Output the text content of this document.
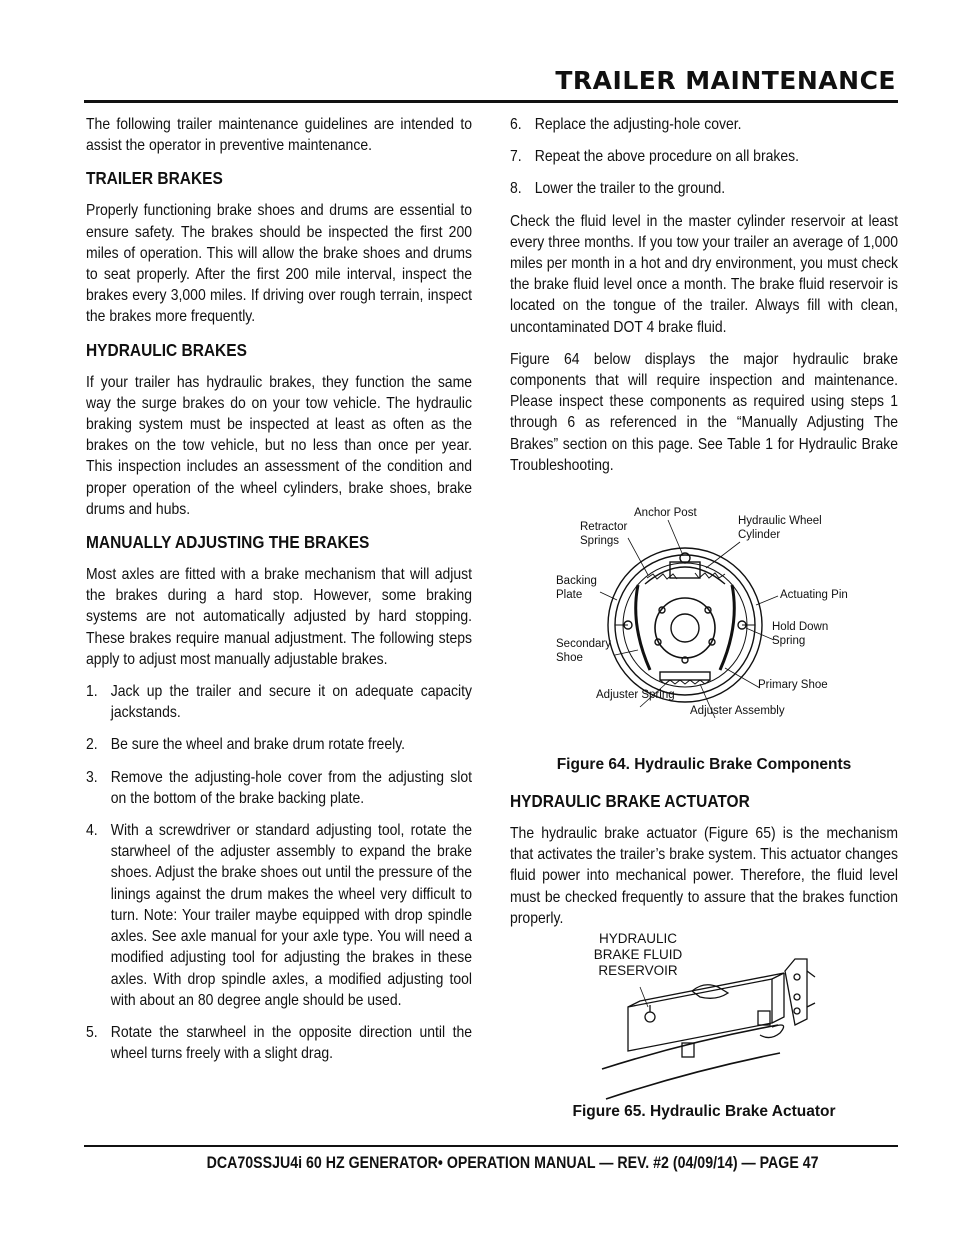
TRAILER MAINTENANCE

The following trailer maintenance guidelines are intended to assist the operator in preventive maintenance.

TRAILER BRAKES

Properly functioning brake shoes and drums are essential to ensure safety. The brakes should be inspected the first 200 miles of operation. This will allow the brake shoes and drums to seat properly. After the first 200 mile interval, inspect the brakes every 3,000 miles. If driving over rough terrain, inspect the brakes more frequently.

HYDRAULIC BRAKES

If your trailer has hydraulic brakes, they function the same way the surge brakes do on your tow vehicle. The hydraulic braking system must be inspected at least as often as the brakes on the tow vehicle, but no less than once per year. This inspection includes an assessment of the condition and proper operation of the wheel cylinders, brake shoes, brake drums and hubs.

MANUALLY ADJUSTING THE BRAKES

Most axles are fitted with a brake mechanism that will adjust the brakes during a hard stop. However, some braking systems are not automatically adjusted by hard stopping. These brakes require manual adjustment. The following steps apply to adjust most manually adjustable brakes.

1. Jack up the trailer and secure it on adequate capacity jackstands.
2. Be sure the wheel and brake drum rotate freely.
3. Remove the adjusting-hole cover from the adjusting slot on the bottom of the brake backing plate.
4. With a screwdriver or standard adjusting tool, rotate the starwheel of the adjuster assembly to expand the brake shoes. Adjust the brake shoes out until the pressure of the linings against the drum makes the wheel very difficult to turn. Note: Your trailer maybe equipped with drop spindle axles. See axle manual for your axle type. You will need a modified adjusting tool for adjusting the brakes in these axles. With drop spindle axles, a modified adjusting tool with about an 80 degree angle should be used.
5. Rotate the starwheel in the opposite direction until the wheel turns freely with a slight drag.
6. Replace the adjusting-hole cover.
7. Repeat the above procedure on all brakes.
8. Lower the trailer to the ground.

Check the fluid level in the master cylinder reservoir at least every three months. If you tow your trailer an average of 1,000 miles per month in a hot and dry environment, you must check the brake fluid level once a month. The brake fluid reservoir is located on the tongue of the trailer. Always fill with clean, uncontaminated DOT 4 brake fluid.

Figure 64 below displays the major hydraulic brake components that will require inspection and maintenance. Please inspect these components as required using steps 1 through 6 as referenced in the “Manually Adjusting The Brakes” section on this page. See Table 1 for Hydraulic Brake Troubleshooting.

Anchor Post
Retractor
Springs
Hydraulic Wheel
Cylinder
Backing
Plate	Actuating Pin
Hold Down
Spring
Secondary
Shoe
Primary Shoe
Adjuster Spring
Adjuster Assembly
Figure 64. Hydraulic Brake Components
HYDRAULIC BRAKE ACTUATOR

The hydraulic brake actuator (Figure 65) is the mechanism that activates the trailer’s brake system. This actuator changes fluid power into mechanical power. Therefore, the fluid level must be checked frequently to assure that the brakes function properly.

HYDRAULIC
BRAKE FLUID
RESERVOIR
Figure 65. Hydraulic Brake Actuator
DCA70SSJU4i 60 HZ GENERATOR• OPERATION MANUAL — REV. #2 (04/09/14) — PAGE 47
